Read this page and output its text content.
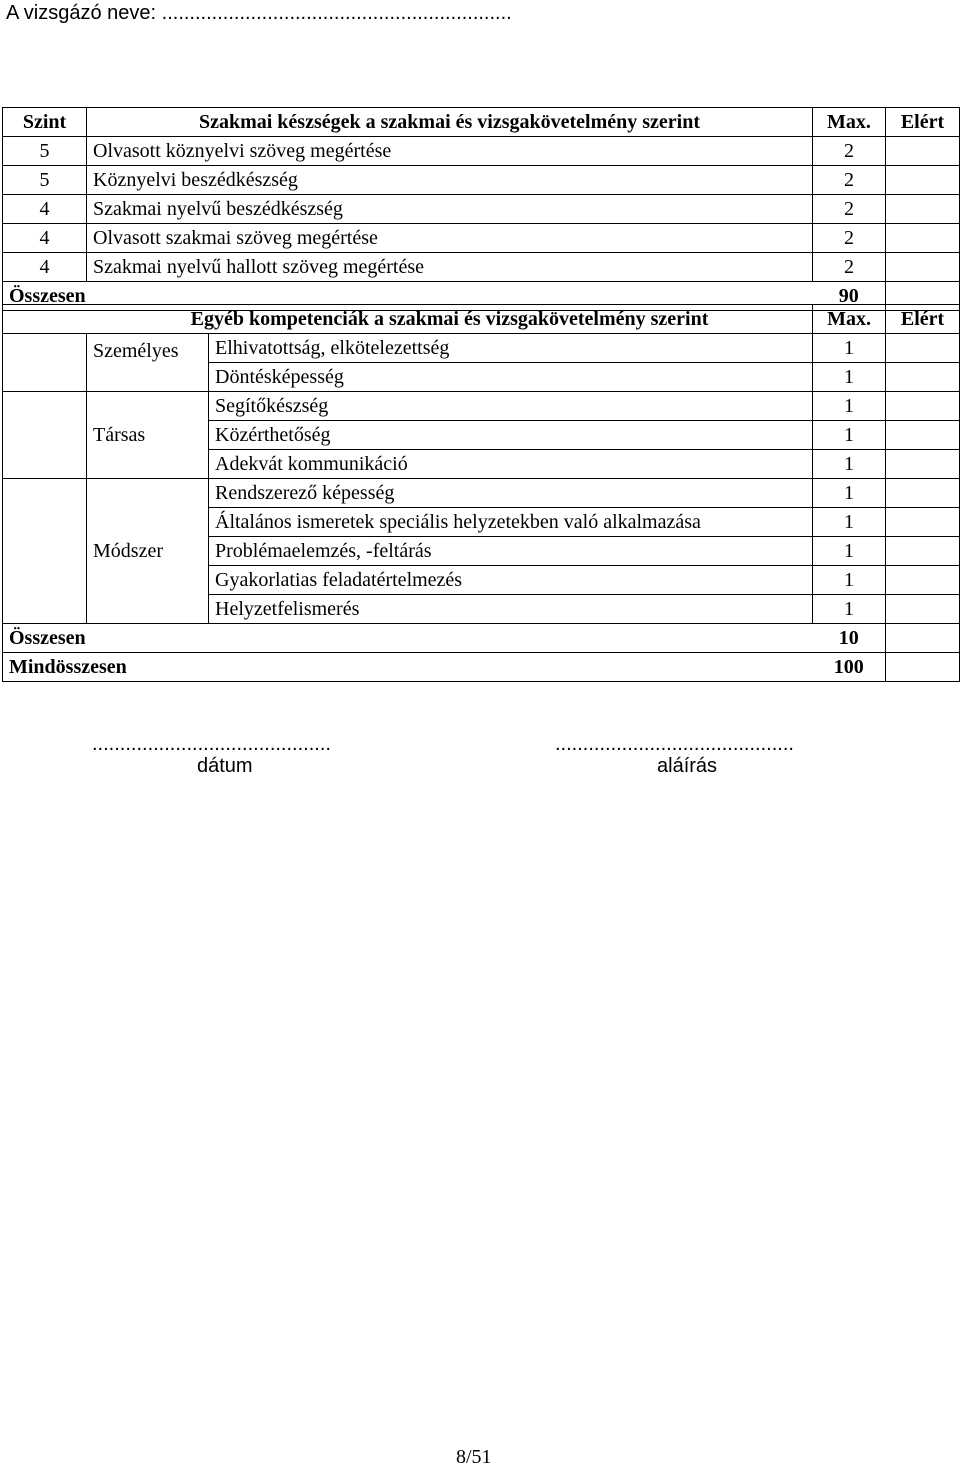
A vizsgázó neve: ...............................................................
Szint	Szakmai készségek a szakmai és vizsgakövetelmény szerint	Max.	Elért
5	Olvasott köznyelvi szöveg megértése	2	
5	Köznyelvi beszédkészség	2	
4	Szakmai nyelvű beszédkészség	2	
4	Olvasott szakmai szöveg megértése	2	
4	Szakmai nyelvű hallott szöveg megértése	2	
Összesen		90	
Egyéb kompetenciák a szakmai és vizsgakövetelmény szerint			Max.	Elért
	Személyes	Elhivatottság, elkötelezettség	1	
		Döntésképesség	1	
	Társas	Segítőkészség	1	
		Közérthetőség	1	
		Adekvát kommunikáció	1	
	Módszer	Rendszerező képesség	1	
		Általános ismeretek speciális helyzetekben való alkalmazása	1	
		Problémaelemzés, -feltárás	1	
		Gyakorlatias feladatértelmezés	1	
		Helyzetfelismerés	1	
Összesen			10	
Mindösszesen			100	
...........................................
dátum
...........................................
aláírás
8/51
